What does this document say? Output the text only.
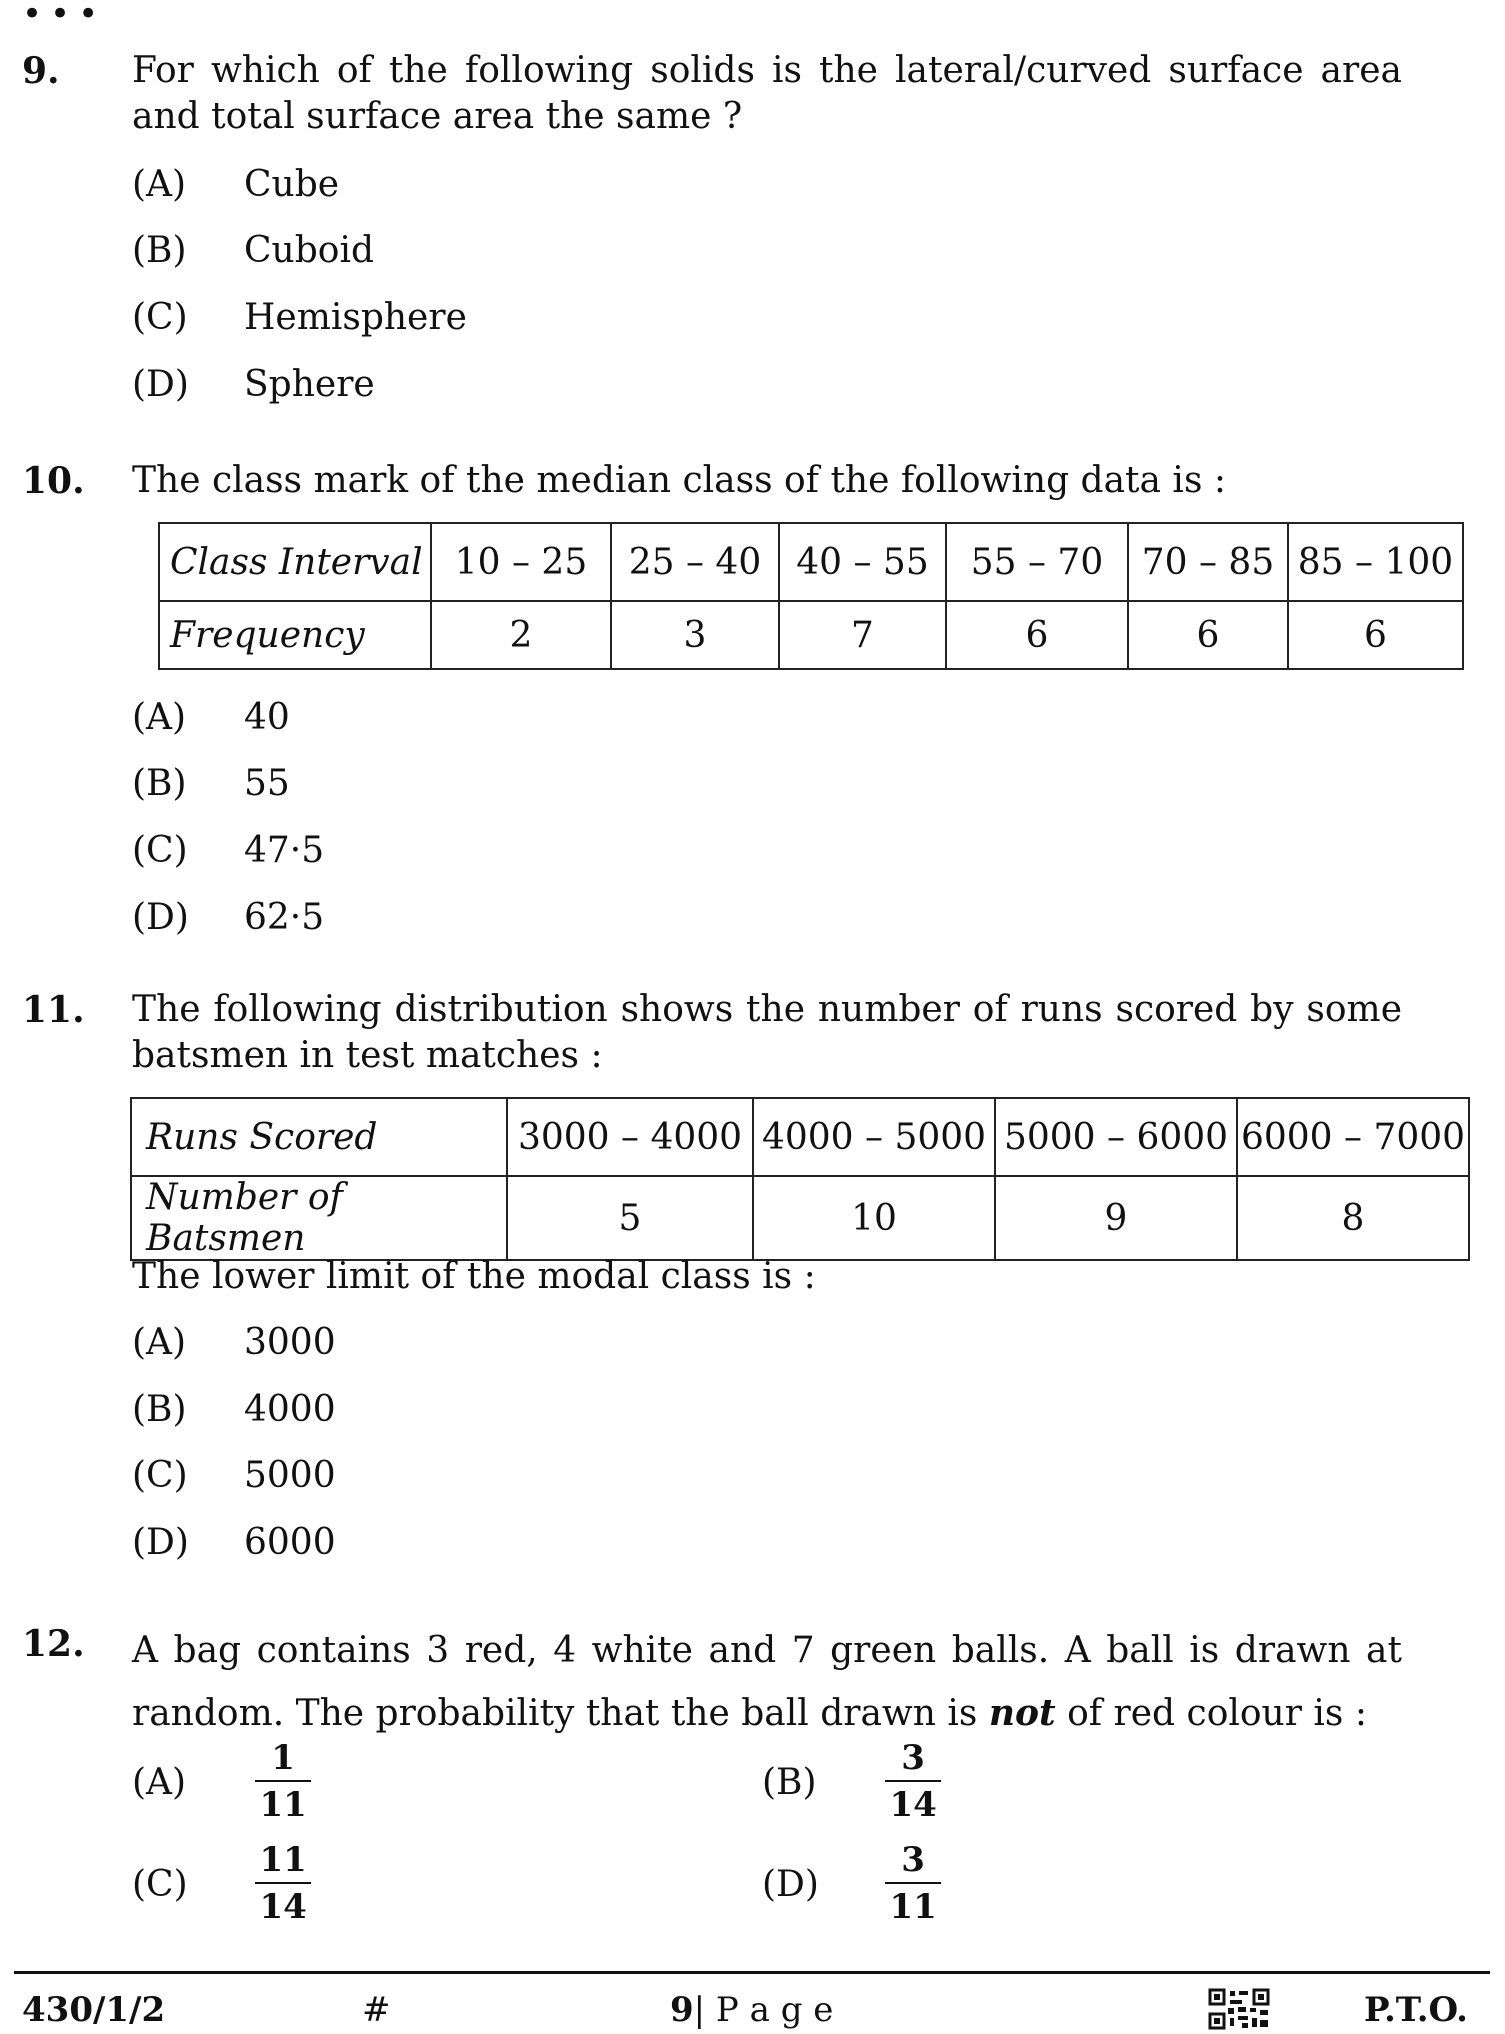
•••
9. For which of the following solids is the lateral/curved surface area and total surface area the same ?
(A) Cube
(B) Cuboid
(C) Hemisphere
(D) Sphere
10. The class mark of the median class of the following data is :
Class Interval	10 – 25	25 – 40	40 – 55	55 – 70	70 – 85	85 – 100
Frequency	2	3	7	6	6	6
(A) 40
(B) 55
(C) 47·5
(D) 62·5
11. The following distribution shows the number of runs scored by some batsmen in test matches :
Runs Scored	3000 – 4000	4000 – 5000	5000 – 6000	6000 – 7000
Number of Batsmen	5	10	9	8
The lower limit of the modal class is :
(A) 3000
(B) 4000
(C) 5000
(D) 6000
12. A bag contains 3 red, 4 white and 7 green balls. A ball is drawn at random. The probability that the ball drawn is not of red colour is :
$(A) \frac{1}{11}$	$(B) \frac{3}{14}$
$(C) \frac{11}{14}$	$(D) \frac{3}{11}$
430/1/2	#	9| P a g e	P.T.O.
